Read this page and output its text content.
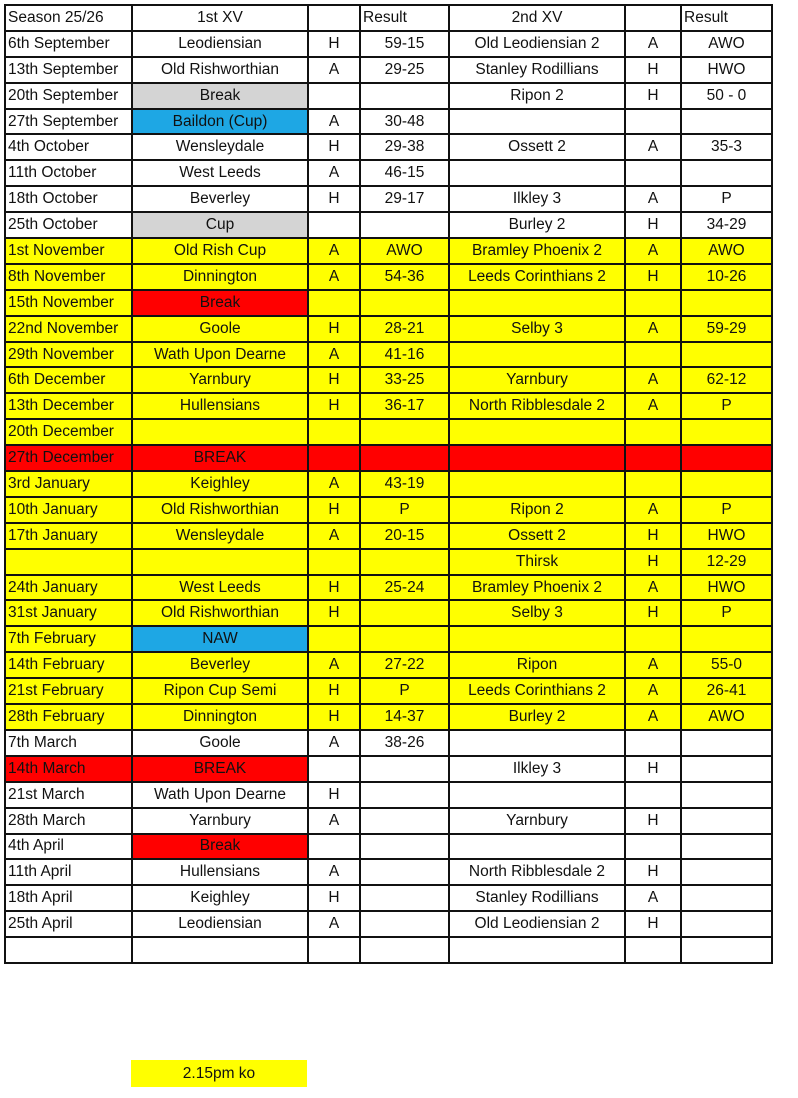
Season 25/26	1st XV		Result	2nd XV		Result
6th September	Leodiensian	H	59-15	Old Leodiensian 2	A	AWO
13th September	Old Rishworthian	A	29-25	Stanley Rodillians	H	HWO
20th September	Break			Ripon 2	H	50 - 0
27th September	Baildon (Cup)	A	30-48			
4th October	Wensleydale	H	29-38	Ossett 2	A	35-3
11th October	West Leeds	A	46-15			
18th October	Beverley	H	29-17	Ilkley 3	A	P
25th October	Cup			Burley 2	H	34-29
1st November	Old Rish Cup	A	AWO	Bramley Phoenix 2	A	AWO
8th November	Dinnington	A	54-36	Leeds Corinthians 2	H	10-26
15th November	Break					
22nd November	Goole	H	28-21	Selby 3	A	59-29
29th November	Wath Upon Dearne	A	41-16			
6th December	Yarnbury	H	33-25	Yarnbury	A	62-12
13th December	Hullensians	H	36-17	North Ribblesdale 2	A	P
20th December						
27th December	BREAK					
3rd January	Keighley	A	43-19			
10th January	Old Rishworthian	H	P	Ripon 2	A	P
17th January	Wensleydale	A	20-15	Ossett 2	H	HWO
				Thirsk	H	12-29
24th January	West Leeds	H	25-24	Bramley Phoenix 2	A	HWO
31st January	Old Rishworthian	H		Selby 3	H	P
7th February	NAW					
14th February	Beverley	A	27-22	Ripon	A	55-0
21st February	Ripon Cup Semi	H	P	Leeds Corinthians 2	A	26-41
28th February	Dinnington	H	14-37	Burley 2	A	AWO
7th March	Goole	A	38-26			
14th March	BREAK			Ilkley 3	H	
21st March	Wath Upon Dearne	H				
28th March	Yarnbury	A		Yarnbury	H	
4th April	Break					
11th April	Hullensians	A		North Ribblesdale 2	H	
18th April	Keighley	H		Stanley Rodillians	A	
25th April	Leodiensian	A		Old Leodiensian 2	H	

2.15pm ko
